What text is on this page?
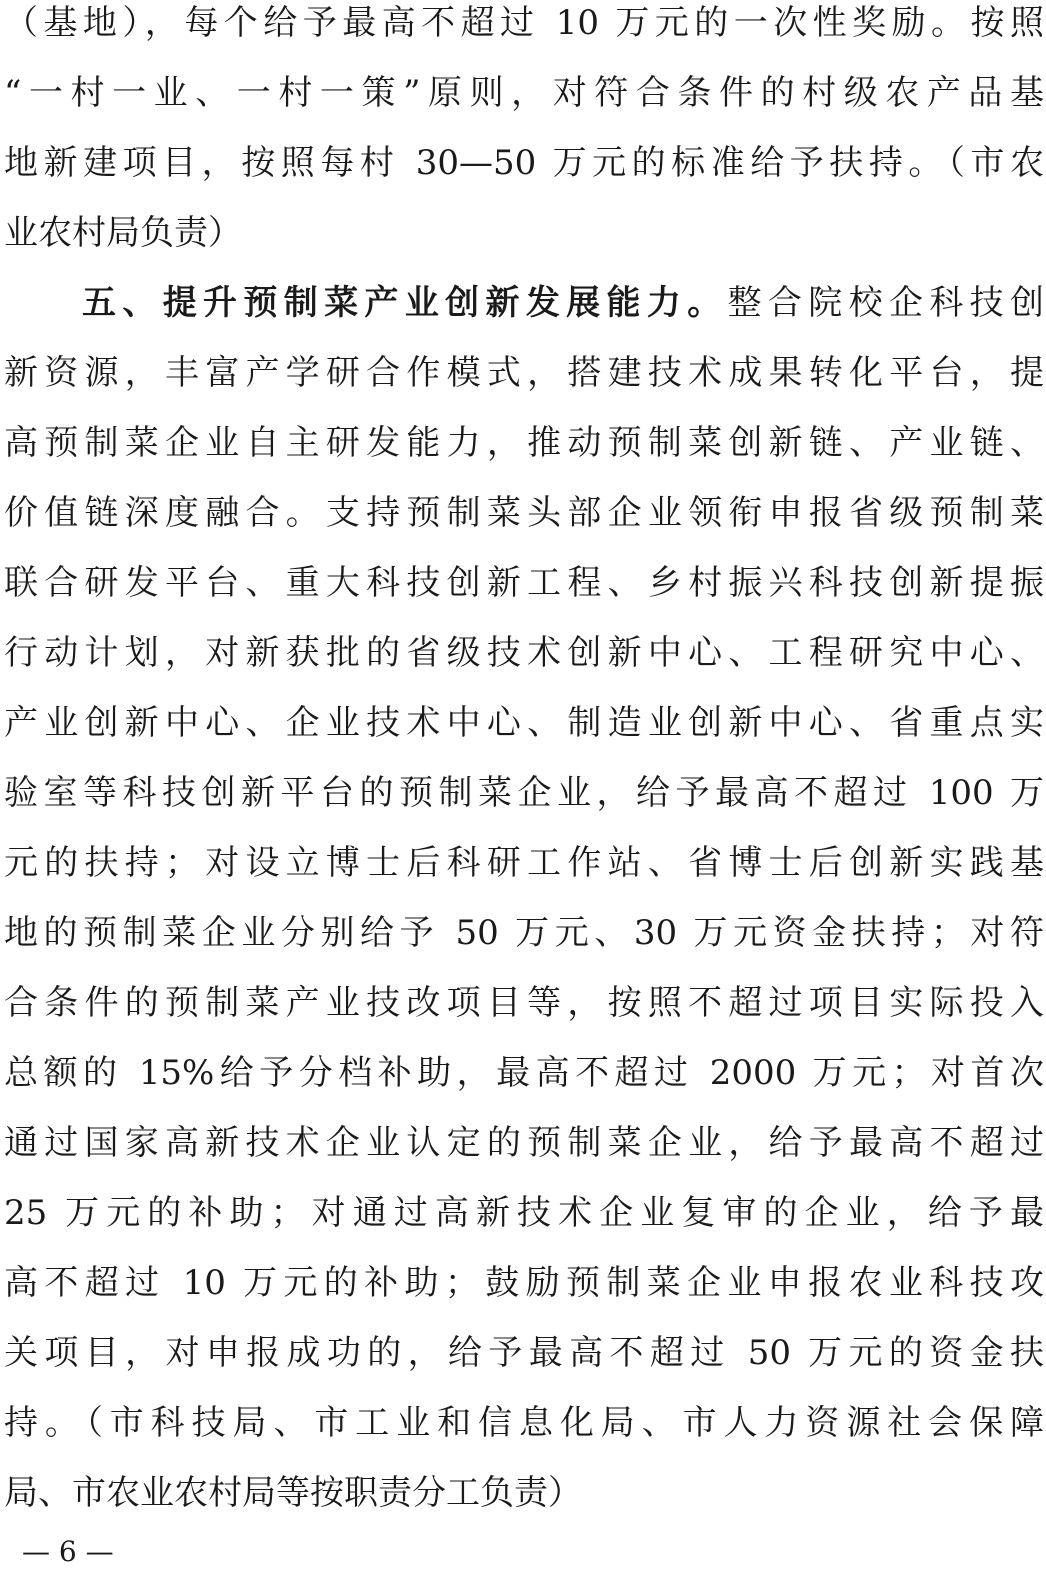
（基地），每个给予最高不超过 10 万元的一次性奖励。按照
“一村一业、一村一策”原则，对符合条件的村级农产品基
地新建项目，按照每村 30—50 万元的标准给予扶持。（市农
业农村局负责）
五、提升预制菜产业创新发展能力。整合院校企科技创
新资源，丰富产学研合作模式，搭建技术成果转化平台，提
高预制菜企业自主研发能力，推动预制菜创新链、产业链、
价值链深度融合。支持预制菜头部企业领衔申报省级预制菜
联合研发平台、重大科技创新工程、乡村振兴科技创新提振
行动计划，对新获批的省级技术创新中心、工程研究中心、
产业创新中心、企业技术中心、制造业创新中心、省重点实
验室等科技创新平台的预制菜企业，给予最高不超过 100 万
元的扶持；对设立博士后科研工作站、省博士后创新实践基
地的预制菜企业分别给予 50 万元、30 万元资金扶持；对符
合条件的预制菜产业技改项目等，按照不超过项目实际投入
总额的 15%给予分档补助，最高不超过 2000 万元；对首次
通过国家高新技术企业认定的预制菜企业，给予最高不超过
25 万元的补助；对通过高新技术企业复审的企业，给予最
高不超过 10 万元的补助；鼓励预制菜企业申报农业科技攻
关项目，对申报成功的，给予最高不超过 50 万元的资金扶
持。（市科技局、市工业和信息化局、市人力资源社会保障
局、市农业农村局等按职责分工负责）
— 6 —
